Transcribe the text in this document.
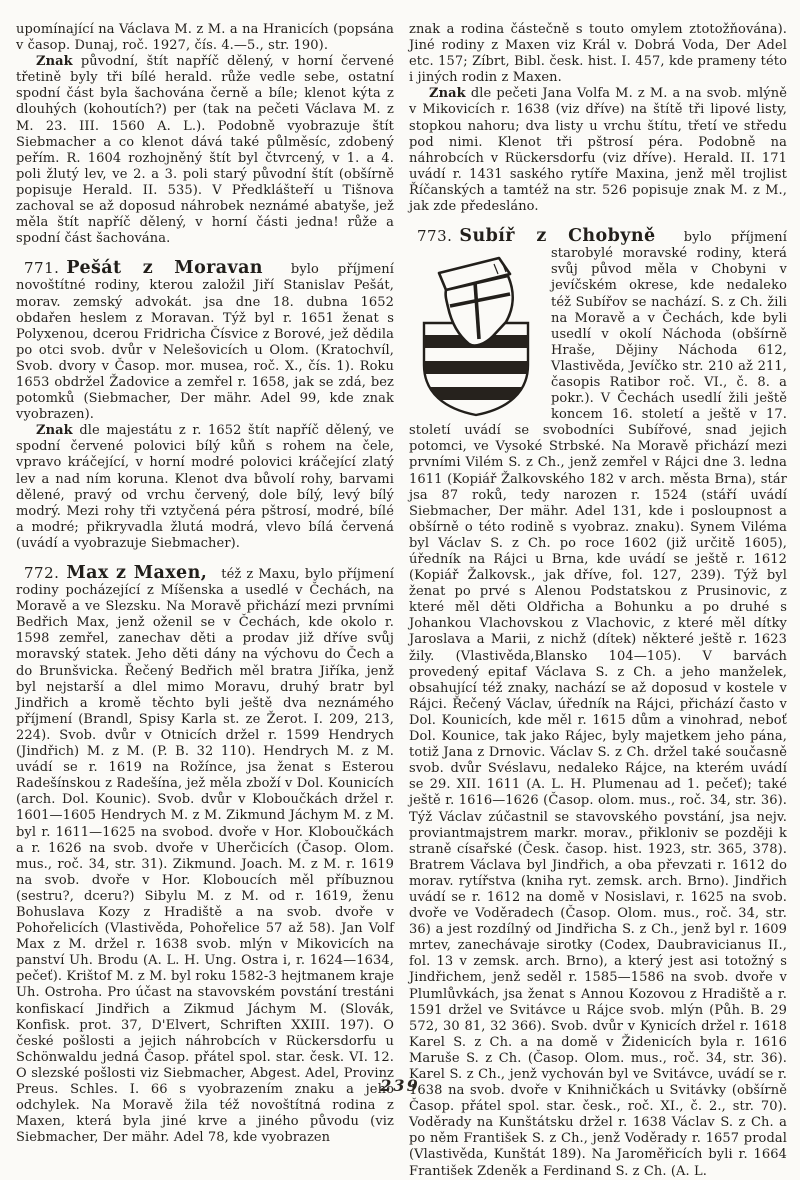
upomínající na Václava M. z M. a na Hranicích (popsána v časop. Dunaj, roč. 1927, čís. 4.—5., str. 190).

Znak původní, štít napříč dělený, v horní červené třetině byly tři bílé herald. růže vedle sebe, ostatní spodní část byla šachována černě a bíle; klenot kýta z dlouhých (kohoutích?) per (tak na pečeti Václava M. z M. 23. III. 1560 A. L.). Podobně vyobrazuje štít Siebmacher a co klenot dává také půlměsíc, zdobený peřím. R. 1604 rozhojněný štít byl čtvrcený, v 1. a 4. poli žlutý lev, ve 2. a 3. poli starý původní štít (obšírně popisuje Herald. II. 535). V Předklášteří u Tišnova zachoval se až doposud náhrobek neznámé abatyše, jež měla štít napříč dělený, v horní části jedna! růže a spodní část šachována.

771. Pešát z Moravan bylo příjmení novoštítné rodiny, kterou založil Jiří Stanislav Pešát, morav. zemský advokát. jsa dne 18. dubna 1652 obdařen heslem z Moravan. Týž byl r. 1651 ženat s Polyxenou, dcerou Fridricha Čísvice z Borové, jež dědila po otci svob. dvůr v Nelešovicích u Olom. (Kratochvíl, Svob. dvory v Časop. mor. musea, roč. X., čís. 1). Roku 1653 obdržel Žadovice a zemřel r. 1658, jak se zdá, bez potomků (Siebmacher, Der mähr. Adel 99, kde znak vyobrazen).

Znak dle majestátu z r. 1652 štít napříč dělený, ve spodní červené polovici bílý kůň s rohem na čele, vpravo kráčející, v horní modré polovici kráčející zlatý lev a nad ním koruna. Klenot dva bůvolí rohy, barvami dělené, pravý od vrchu červený, dole bílý, levý bílý modrý. Mezi rohy tři vztyčená péra pštrosí, modré, bílé a modré; přikryvadla žlutá modrá, vlevo bílá červená (uvádí a vyobrazuje Siebmacher).

772. Max z Maxen, též z Maxu, bylo příjmení rodiny pocházející z Míšenska a usedlé v Čechách, na Moravě a ve Slezsku. Na Moravě přichází mezi prvními Bedřich Max, jenž oženil se v Čechách, kde okolo r. 1598 zemřel, zanechav děti a prodav již dříve svůj moravský statek. Jeho děti dány na výchovu do Čech a do Brunšvicka. Řečený Bedřich měl bratra Jiříka, jenž byl nejstarší a dlel mimo Moravu, druhý bratr byl Jindřich a kromě těchto byli ještě dva neznámého příjmení (Brandl, Spisy Karla st. ze Žerot. I. 209, 213, 224). Svob. dvůr v Otnicích držel r. 1599 Hendrych (Jindřich) M. z M. (P. B. 32 110). Hendrych M. z M. uvádí se r. 1619 na Rožínce, jsa ženat s Esterou Radešínskou z Radešína, jež měla zboží v Dol. Kounicích (arch. Dol. Kounic). Svob. dvůr v Kloboučkách držel r. 1601—1605 Hendrych M. z M. Zikmund Jáchym M. z M. byl r. 1611—1625 na svobod. dvoře v Hor. Kloboučkách a r. 1626 na svob. dvoře v Uherčicích (Časop. Olom. mus., roč. 34, str. 31). Zikmund. Joach. M. z M. r. 1619 na svob. dvoře v Hor. Kloboucích měl příbuznou (sestru?, dceru?) Sibylu M. z M. od r. 1619, ženu Bohuslava Kozy z Hradiště a na svob. dvoře v Pohořelicích (Vlastivěda, Pohořelice 57 až 58). Jan Volf Max z M. držel r. 1638 svob. mlýn v Mikovicích na panství Uh. Brodu (A. L. H. Ung. Ostra i, r. 1624—1634, pečeť). Krištof M. z M. byl roku 1582-3 hejtmanem kraje Uh. Ostroha. Pro účast na stavovském povstání trestáni konfiskací Jindřich a Zikmud Jáchym M. (Slovák, Konfisk. prot. 37, D'Elvert, Schriften XXIII. 197). O české pošlosti a jejich náhrobcích v Rückersdorfu u Schönwaldu jedná Časop. přátel spol. star. česk. VI. 12. O slezské pošlosti viz Siebmacher, Abgest. Adel, Provinz Preus. Schles. I. 66 s vyobrazením znaku a jeho odchylek. Na Moravě žila též novoštítná rodina z Maxen, která byla jiné krve a jiného původu (viz Siebmacher, Der mähr. Adel 78, kde vyobrazen

znak a rodina částečně s touto omylem ztotožňována). Jiné rodiny z Maxen viz Král v. Dobrá Voda, Der Adel etc. 157; Zíbrt, Bibl. česk. hist. I. 457, kde prameny této i jiných rodin z Maxen.

Znak dle pečeti Jana Volfa M. z M. a na svob. mlýně v Mikovicích r. 1638 (viz dříve) na štítě tři lipové listy, stopkou nahoru; dva listy u vrchu štítu, třetí ve středu pod nimi. Klenot tři pštrosí péra. Podobně na náhrobcích v Rückersdorfu (viz dříve). Herald. II. 171 uvádí r. 1431 saského rytíře Maxina, jenž měl trojlist Říčanských a tamtéž na str. 526 popisuje znak M. z M., jak zde předesláno.

773. Subíř z Chobyně bylo příjmení starobylé moravské rodiny, která svůj původ měla v Chobyni v jevíčském okrese, kde nedaleko též Subířov se nachází. S. z Ch. žili na Moravě a v Čechách, kde byli usedlí v okolí Náchoda (obšírně Hraše, Dějiny Náchoda 612, Vlastivěda, Jevíčko str. 210 až 211, časopis Ratibor roč. VI., č. 8. a pokr.). V Čechách usedlí žili ještě koncem 16. století a ještě v 17. století uvádí se svobodníci Subířové, snad jejich potomci, ve Vysoké Strbské. Na Moravě přichází mezi prvními Vilém S. z Ch., jenž zemřel v Rájci dne 3. ledna 1611 (Kopiář Žalkovského 182 v arch. města Brna), stár jsa 87 roků, tedy narozen r. 1524 (stáří uvádí Siebmacher, Der mähr. Adel 131, kde i posloupnost a obšírně o této rodině s vyobraz. znaku). Synem Viléma byl Václav S. z Ch. po roce 1602 (již určitě 1605), úředník na Rájci u Brna, kde uvádí se ještě r. 1612 (Kopiář Žalkovsk., jak dříve, fol. 127, 239). Týž byl ženat po prvé s Alenou Podstatskou z Prusinovic, z které měl děti Oldřicha a Bohunku a po druhé s Johankou Vlachovskou z Vlachovic, z které měl dítky Jaroslava a Marii, z nichž (dítek) některé ještě r. 1623 žily. (Vlastivěda,Blansko 104—105). V barvách provedený epitaf Václava S. z Ch. a jeho manželek, obsahující též znaky, nachází se až doposud v kostele v Rájci. Řečený Václav, úředník na Rájci, přichází často v Dol. Kounicích, kde měl r. 1615 dům a vinohrad, neboť Dol. Kounice, tak jako Rájec, byly majetkem jeho pána, totiž Jana z Drnovic. Václav S. z Ch. držel také současně svob. dvůr Svéslavu, nedaleko Rájce, na kterém uvádí se 29. XII. 1611 (A. L. H. Plumenau ad 1. pečeť); také ještě r. 1616—1626 (Časop. olom. mus., roč. 34, str. 36). Týž Václav zúčastnil se stavovského povstání, jsa nejv. proviantmajstrem markr. morav., přikloniv se později k straně císařské (Česk. časop. hist. 1923, str. 365, 378). Bratrem Václava byl Jindřich, a oba převzati r. 1612 do morav. rytířstva (kniha ryt. zemsk. arch. Brno). Jindřich uvádí se r. 1612 na domě v Nosislavi, r. 1625 na svob. dvoře ve Voděradech (Časop. Olom. mus., roč. 34, str. 36) a jest rozdílný od Jindřicha S. z Ch., jenž byl r. 1609 mrtev, zanechávaje sirotky (Codex, Daubravicianus II., fol. 13 v zemsk. arch. Brno), a který jest asi totožný s Jindřichem, jenž seděl r. 1585—1586 na svob. dvoře v Plumlůvkách, jsa ženat s Annou Kozovou z Hradiště a r. 1591 držel ve Svitávce u Rájce svob. mlýn (Půh. B. 29 572, 30 81, 32 366). Svob. dvůr v Kynicích držel r. 1618 Karel S. z Ch. a na domě v Židenicích byla r. 1616 Maruše S. z Ch. (Časop. Olom. mus., roč. 34, str. 36). Karel S. z Ch., jenž vychován byl ve Svitávce, uvádí se r. 1638 na svob. dvoře v Knihničkách u Svitávky (obšírně Časop. přátel spol. star. česk., roč. XI., č. 2., str. 70). Voděrady na Kunštátsku držel r. 1638 Václav S. z Ch. a po něm František S. z Ch., jenž Voděrady r. 1657 prodal (Vlastivěda, Kunštát 189). Na Jaroměřicích byli r. 1664 František Zdeněk a Ferdinand S. z Ch. (A. L.

239
